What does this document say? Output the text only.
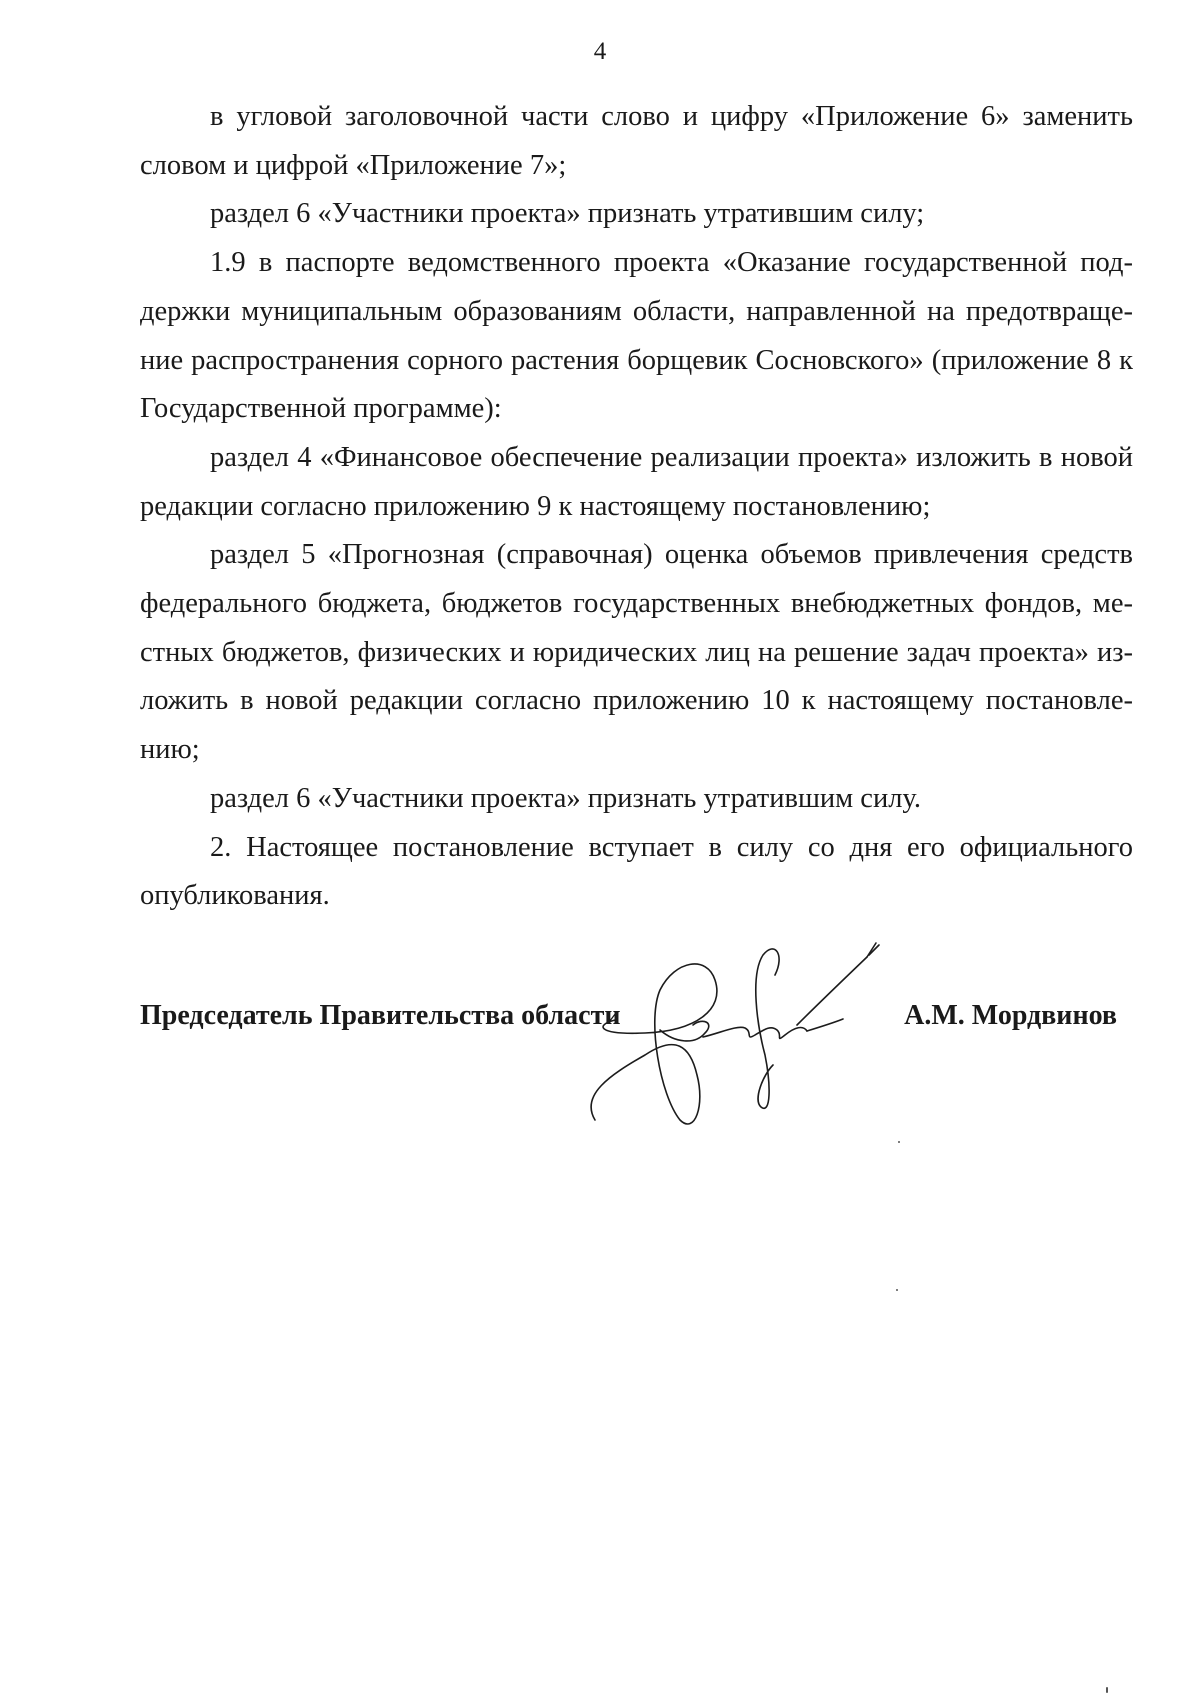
4

в угловой заголовочной части слово и цифру «Приложение 6» заменить словом и цифрой «Приложение 7»;

раздел 6 «Участники проекта» признать утратившим силу;

1.9 в паспорте ведомственного проекта «Оказание государственной поддержки муниципальным образованиям области, направленной на предотвращение распространения сорного растения борщевик Сосновского» (приложение 8 к Государственной программе):

раздел 4 «Финансовое обеспечение реализации проекта» изложить в новой редакции согласно приложению 9 к настоящему постановлению;

раздел 5 «Прогнозная (справочная) оценка объемов привлечения средств федерального бюджета, бюджетов государственных внебюджетных фондов, местных бюджетов, физических и юридических лиц на решение задач проекта» изложить в новой редакции согласно приложению 10 к настоящему постановлению;

раздел 6 «Участники проекта» признать утратившим силу.

2. Настоящее постановление вступает в силу со дня его официального опубликования.

Председатель Правительства области	А.М. Мордвинов
